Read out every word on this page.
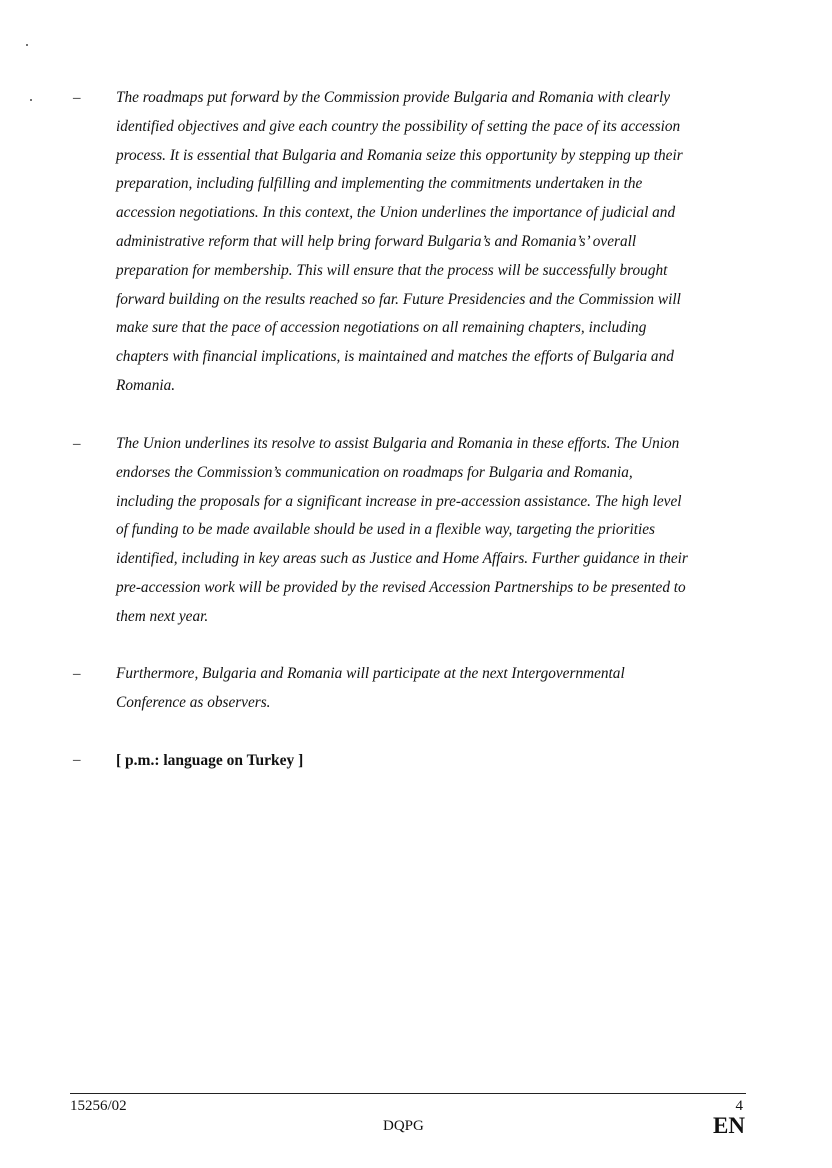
– The roadmaps put forward by the Commission provide Bulgaria and Romania with clearly
identified objectives and give each country the possibility of setting the pace of its accession
process. It is essential that Bulgaria and Romania seize this opportunity by stepping up their
preparation, including fulfilling and implementing the commitments undertaken in the
accession negotiations. In this context, the Union underlines the importance of judicial and
administrative reform that will help bring forward Bulgaria’s and Romania’s’ overall
preparation for membership. This will ensure that the process will be successfully brought
forward building on the results reached so far. Future Presidencies and the Commission will
make sure that the pace of accession negotiations on all remaining chapters, including
chapters with financial implications, is maintained and matches the efforts of Bulgaria and
Romania.
– The Union underlines its resolve to assist Bulgaria and Romania in these efforts. The Union
endorses the Commission’s communication on roadmaps for Bulgaria and Romania,
including the proposals for a significant increase in pre-accession assistance. The high level
of funding to be made available should be used in a flexible way, targeting the priorities
identified, including in key areas such as Justice and Home Affairs. Further guidance in their
pre-accession work will be provided by the revised Accession Partnerships to be presented to
them next year.
– Furthermore, Bulgaria and Romania will participate at the next Intergovernmental
Conference as observers.
– [ p.m.: language on Turkey ]
15256/02
DQPG
4
EN
